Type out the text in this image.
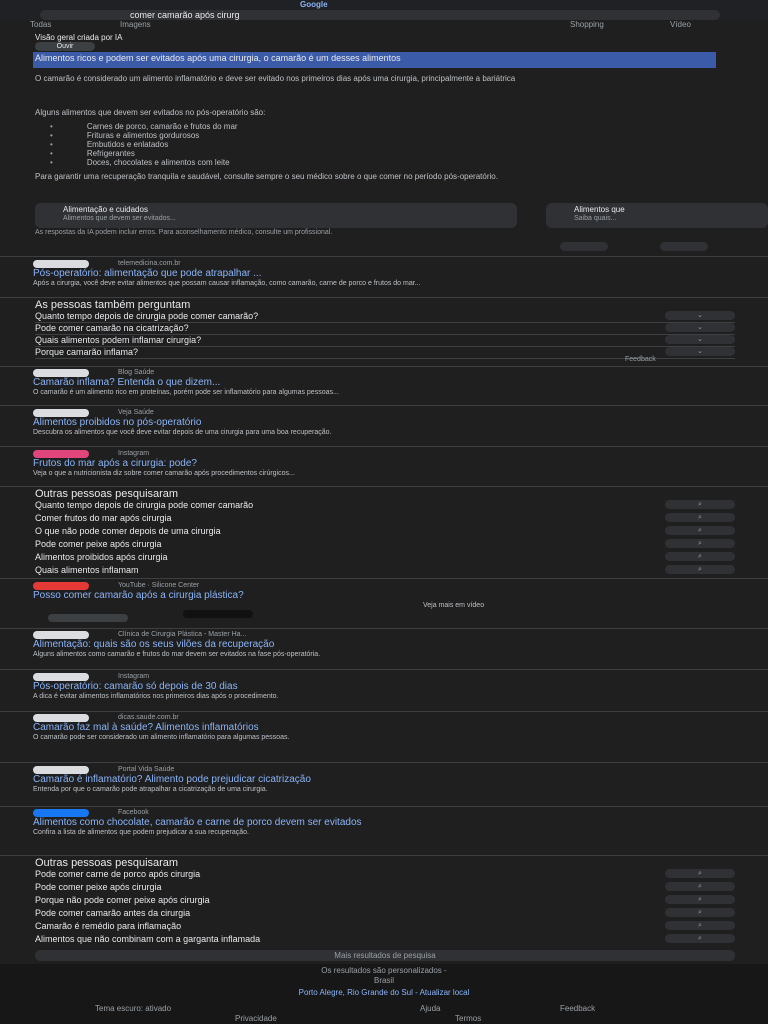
Google
comer camarão após cirurg
Todas	Imagens	Shopping	Vídeo
Visão geral criada por IA
Ouvir
Alimentos ricos e podem ser evitados após uma cirurgia, o camarão é um desses alimentos
O camarão é considerado um alimento inflamatório e deve ser evitado nos primeiros dias após uma cirurgia, principalmente a bariátrica
Alguns alimentos que devem ser evitados no pós-operatório são:
• Carnes de porco, camarão e frutos do mar
• Frituras e alimentos gordurosos
• Embutidos e enlatados
• Refrigerantes
• Doces, chocolates e alimentos com leite
Para garantir uma recuperação tranquila e saudável, consulte sempre o seu médico sobre o que comer no período pós-operatório.
Alimentação e cuidados
Alimentos que devem ser evitados...
Alimentos que
Saiba quais...
As respostas da IA podem incluir erros. Para aconselhamento médico, consulte um profissional.
telemedicina.com.br
Pós-operatório: alimentação que pode atrapalhar ...
Após a cirurgia, você deve evitar alimentos que possam causar inflamação, como camarão, carne de porco e frutos do mar...
As pessoas também perguntam
Quanto tempo depois de cirurgia pode comer camarão?	⌄
Pode comer camarão na cicatrização?	⌄
Quais alimentos podem inflamar cirurgia?	⌄
Porque camarão inflama?	⌄
Feedback
Blog Saúde
Camarão inflama? Entenda o que dizem...
O camarão é um alimento rico em proteínas, porém pode ser inflamatório para algumas pessoas...
Veja Saúde
Alimentos proibidos no pós-operatório
Descubra os alimentos que você deve evitar depois de uma cirurgia para uma boa recuperação.
Instagram
Frutos do mar após a cirurgia: pode?
Veja o que a nutricionista diz sobre comer camarão após procedimentos cirúrgicos...
Outras pessoas pesquisaram
Quanto tempo depois de cirurgia pode comer camarão	⌕
Comer frutos do mar após cirurgia	⌕
O que não pode comer depois de uma cirurgia	⌕
Pode comer peixe após cirurgia	⌕
Alimentos proibidos após cirurgia	⌕
Quais alimentos inflamam	⌕
YouTube · Silicone Center
Posso comer camarão após a cirurgia plástica?
Veja mais em vídeo
Clínica de Cirurgia Plástica - Master Ha...
Alimentação: quais são os seus vilões da recuperação
Alguns alimentos como camarão e frutos do mar devem ser evitados na fase pós-operatória.
Instagram
Pós-operatório: camarão só depois de 30 dias
A dica é evitar alimentos inflamatórios nos primeiros dias após o procedimento.
dicas.saude.com.br
Camarão faz mal à saúde? Alimentos inflamatórios
O camarão pode ser considerado um alimento inflamatório para algumas pessoas.
Portal Vida Saúde
Camarão é inflamatório? Alimento pode prejudicar cicatrização
Entenda por que o camarão pode atrapalhar a cicatrização de uma cirurgia.
Facebook
Alimentos como chocolate, camarão e carne de porco devem ser evitados
Confira a lista de alimentos que podem prejudicar a sua recuperação.
Outras pessoas pesquisaram
Pode comer carne de porco após cirurgia	⌕
Pode comer peixe após cirurgia	⌕
Porque não pode comer peixe após cirurgia	⌕
Pode comer camarão antes da cirurgia	⌕
Camarão é remédio para inflamação	⌕
Alimentos que não combinam com a garganta inflamada	⌕
Mais resultados de pesquisa
Os resultados são personalizados -
Brasil
Porto Alegre, Rio Grande do Sul - Atualizar local
Tema escuro: ativado	Ajuda	Feedback
Privacidade	Termos
